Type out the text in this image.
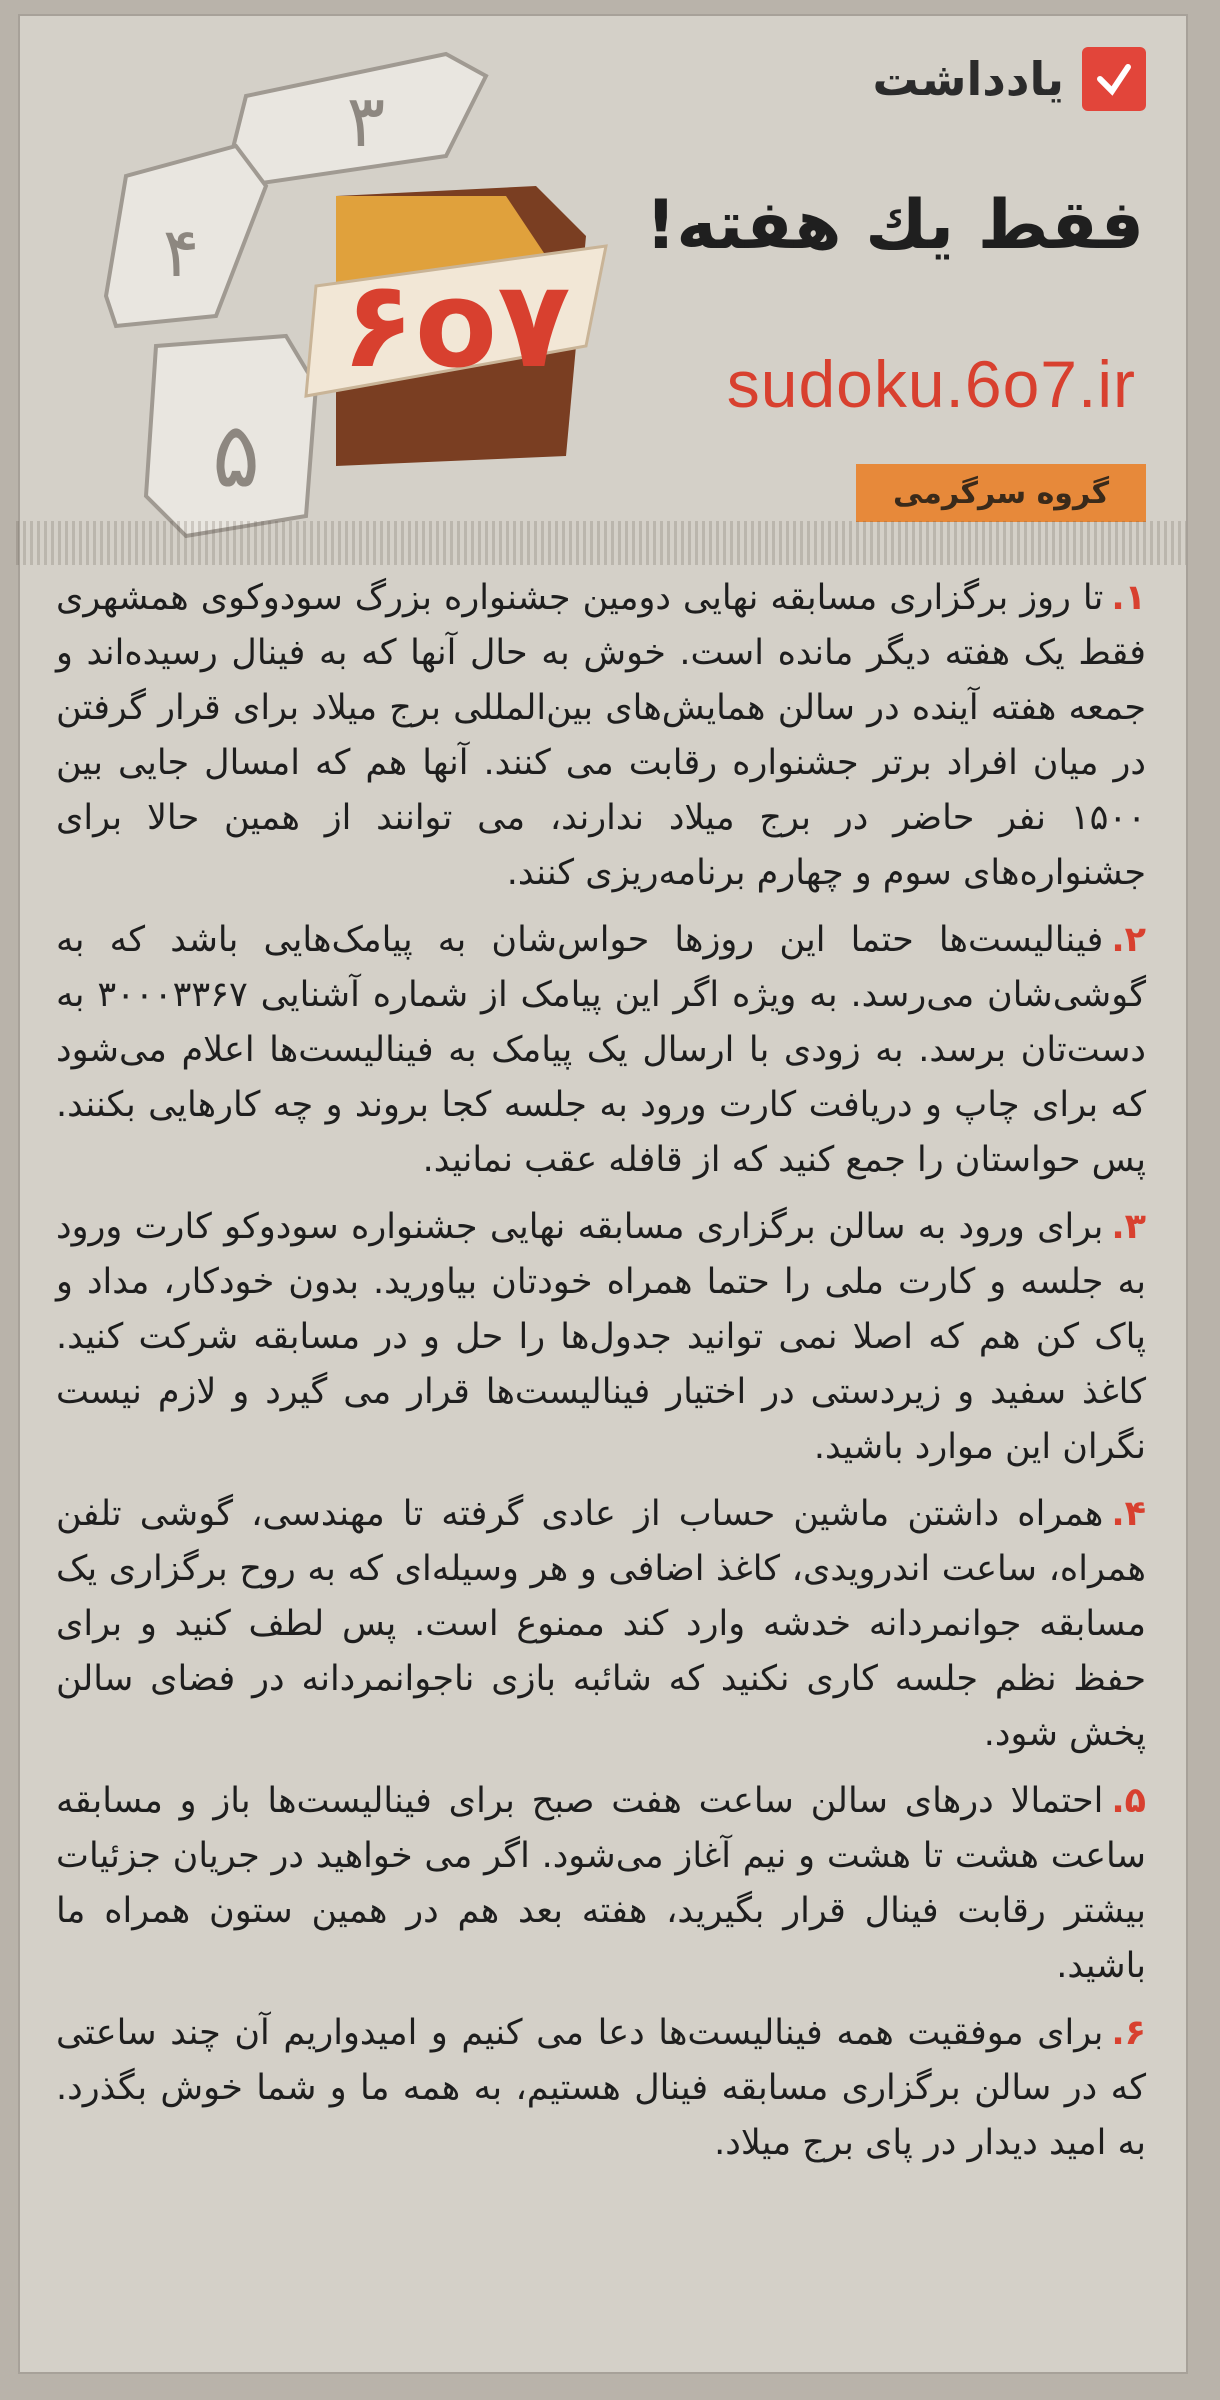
۳
۴
۵
۶o۷
یادداشت
فقط يك هفته!
sudoku.6o7.ir
گروه سرگرمی

۱.تا روز برگزاری مسابقه نهایی دومین جشنواره بزرگ سودوکوی همشهری فقط یک هفته دیگر مانده است. خوش به حال آنها که به فینال رسیده‌اند و جمعه هفته آینده در سالن همایش‌های بین‌المللی برج میلاد برای قرار گرفتن در میان افراد برتر جشنواره رقابت می کنند. آنها هم که امسال جایی بین ۱۵۰۰ نفر حاضر در برج میلاد ندارند، می توانند از همین حالا برای جشنواره‌های سوم و چهارم برنامه‌ریزی کنند.

۲.فینالیست‌ها حتما این روزها حواس‌شان به پیامک‌هایی باشد که به گوشی‌شان می‌رسد. به ویژه اگر این پیامک از شماره آشنایی ۳۰۰۰۳۳۶۷ به دست‌تان برسد. به زودی با ارسال یک پیامک به فینالیست‌ها اعلام می‌شود که برای چاپ و دریافت کارت ورود به جلسه کجا بروند و چه کارهایی بکنند. پس حواستان را جمع کنید که از قافله عقب نمانید.

۳.برای ورود به سالن برگزاری مسابقه نهایی جشنواره سودوکو کارت ورود به جلسه و کارت ملی را حتما همراه خودتان بیاورید. بدون خودکار، مداد و پاک کن هم که اصلا نمی توانید جدول‌ها را حل و در مسابقه شرکت کنید. کاغذ سفید و زیردستی در اختیار فینالیست‌ها قرار می گیرد و لازم نیست نگران این موارد باشید.

۴.همراه داشتن ماشین حساب از عادی گرفته تا مهندسی، گوشی تلفن همراه، ساعت اندرویدی، کاغذ اضافی و هر وسیله‌ای که به روح برگزاری یک مسابقه جوانمردانه خدشه وارد کند ممنوع است. پس لطف کنید و برای حفظ نظم جلسه کاری نکنید که شائبه بازی ناجوانمردانه در فضای سالن پخش شود.

۵.احتمالا درهای سالن ساعت هفت صبح برای فینالیست‌ها باز و مسابقه ساعت هشت تا هشت و نیم آغاز می‌شود. اگر می خواهید در جریان جزئیات بیشتر رقابت فینال قرار بگیرید، هفته بعد هم در همین ستون همراه ما باشید.

۶.برای موفقیت همه فینالیست‌ها دعا می کنیم و امیدواریم آن چند ساعتی که در سالن برگزاری مسابقه فینال هستیم، به همه ما و شما خوش بگذرد. به امید دیدار در پای برج میلاد.
